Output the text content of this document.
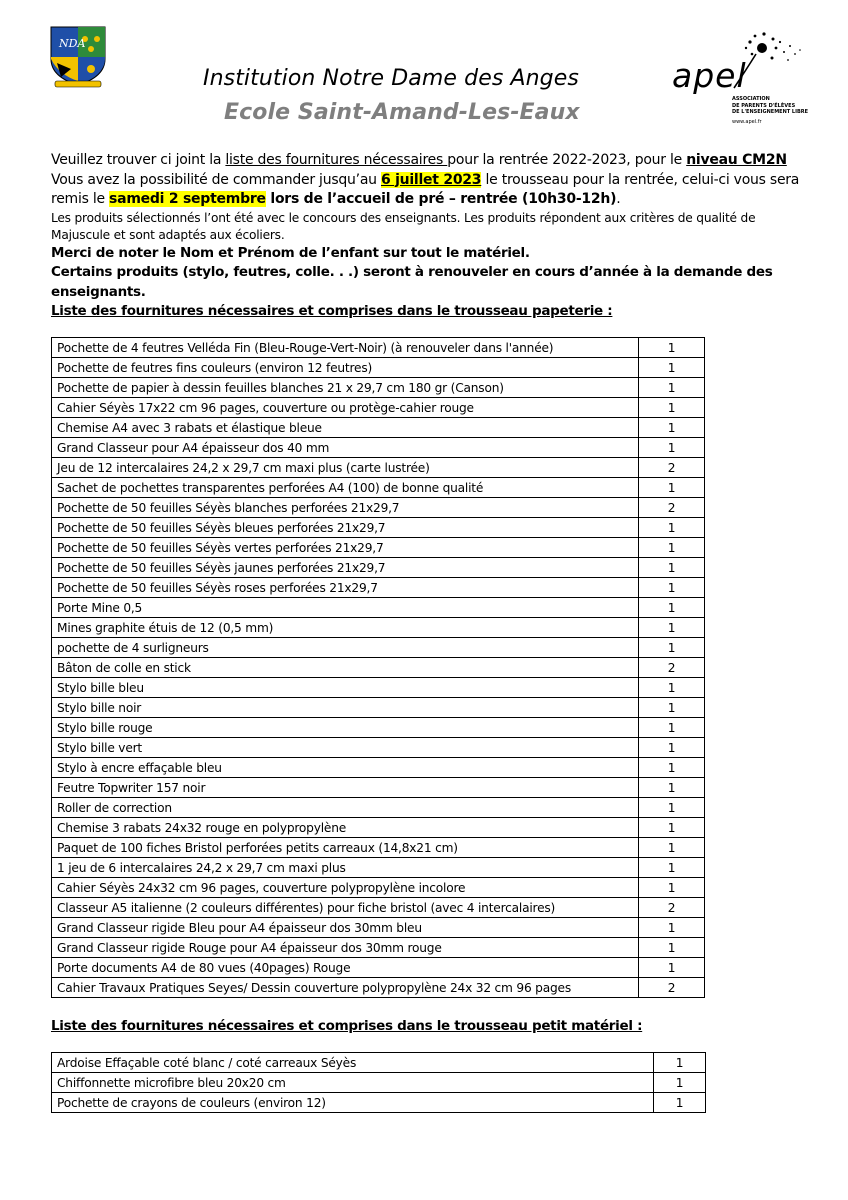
NDA
Institution Notre Dame des Anges
Ecole Saint-Amand-Les-Eaux
apel
ASSOCIATION
DE PARENTS D'ÉLÈVES
DE L'ENSEIGNEMENT LIBRE
www.apel.fr

Veuillez trouver ci joint la liste des fournitures nécessaires pour la rentrée 2022-2023, pour le niveau CM2N

Vous avez la possibilité de commander jusqu’au 6 juillet 2023 le trousseau pour la rentrée, celui-ci vous sera remis le samedi 2 septembre lors de l’accueil de pré – rentrée (10h30-12h).

Les produits sélectionnés l’ont été avec le concours des enseignants. Les produits répondent aux critères de qualité de Majuscule et sont adaptés aux écoliers.

Merci de noter le Nom et Prénom de l’enfant sur tout le matériel.

Certains produits (stylo, feutres, colle. . .) seront à renouveler en cours d’année à la demande des enseignants.

Liste des fournitures nécessaires et comprises dans le trousseau papeterie :
Pochette de 4 feutres Velléda Fin (Bleu-Rouge-Vert-Noir) (à renouveler dans l'année)	1
Pochette de feutres fins couleurs (environ 12 feutres)	1
Pochette de papier à dessin feuilles blanches 21 x 29,7 cm 180 gr (Canson)	1
Cahier Séyès 17x22 cm 96 pages, couverture ou protège-cahier rouge	1
Chemise A4 avec 3 rabats et élastique bleue	1
Grand Classeur pour A4 épaisseur dos 40 mm	1
Jeu de 12 intercalaires 24,2 x 29,7 cm maxi plus (carte lustrée)	2
Sachet de pochettes transparentes perforées A4 (100) de bonne qualité	1
Pochette de 50 feuilles Séyès blanches perforées 21x29,7	2
Pochette de 50 feuilles Séyès bleues perforées 21x29,7	1
Pochette de 50 feuilles Séyès vertes perforées 21x29,7	1
Pochette de 50 feuilles Séyès jaunes perforées 21x29,7	1
Pochette de 50 feuilles Séyès roses perforées 21x29,7	1
Porte Mine 0,5	1
Mines graphite étuis de 12 (0,5 mm)	1
pochette de 4 surligneurs	1
Bâton de colle en stick	2
Stylo bille bleu	1
Stylo bille noir	1
Stylo bille rouge	1
Stylo bille vert	1
Stylo à encre effaçable bleu	1
Feutre Topwriter 157 noir	1
Roller de correction	1
Chemise 3 rabats 24x32 rouge en polypropylène	1
Paquet de 100 fiches Bristol perforées petits carreaux (14,8x21 cm)	1
1 jeu de 6 intercalaires 24,2 x 29,7 cm maxi plus	1
Cahier Séyès 24x32 cm 96 pages, couverture polypropylène incolore	1
Classeur A5 italienne (2 couleurs différentes) pour fiche bristol (avec 4 intercalaires)	2
Grand Classeur rigide Bleu pour A4 épaisseur dos 30mm bleu	1
Grand Classeur rigide Rouge pour A4 épaisseur dos 30mm rouge	1
Porte documents A4 de 80 vues (40pages) Rouge	1
Cahier Travaux Pratiques Seyes/ Dessin couverture polypropylène 24x 32 cm 96 pages	2
Liste des fournitures nécessaires et comprises dans le trousseau petit matériel :
Ardoise Effaçable coté blanc / coté carreaux Séyès	1
Chiffonnette microfibre bleu 20x20 cm	1
Pochette de crayons de couleurs (environ 12)	1
